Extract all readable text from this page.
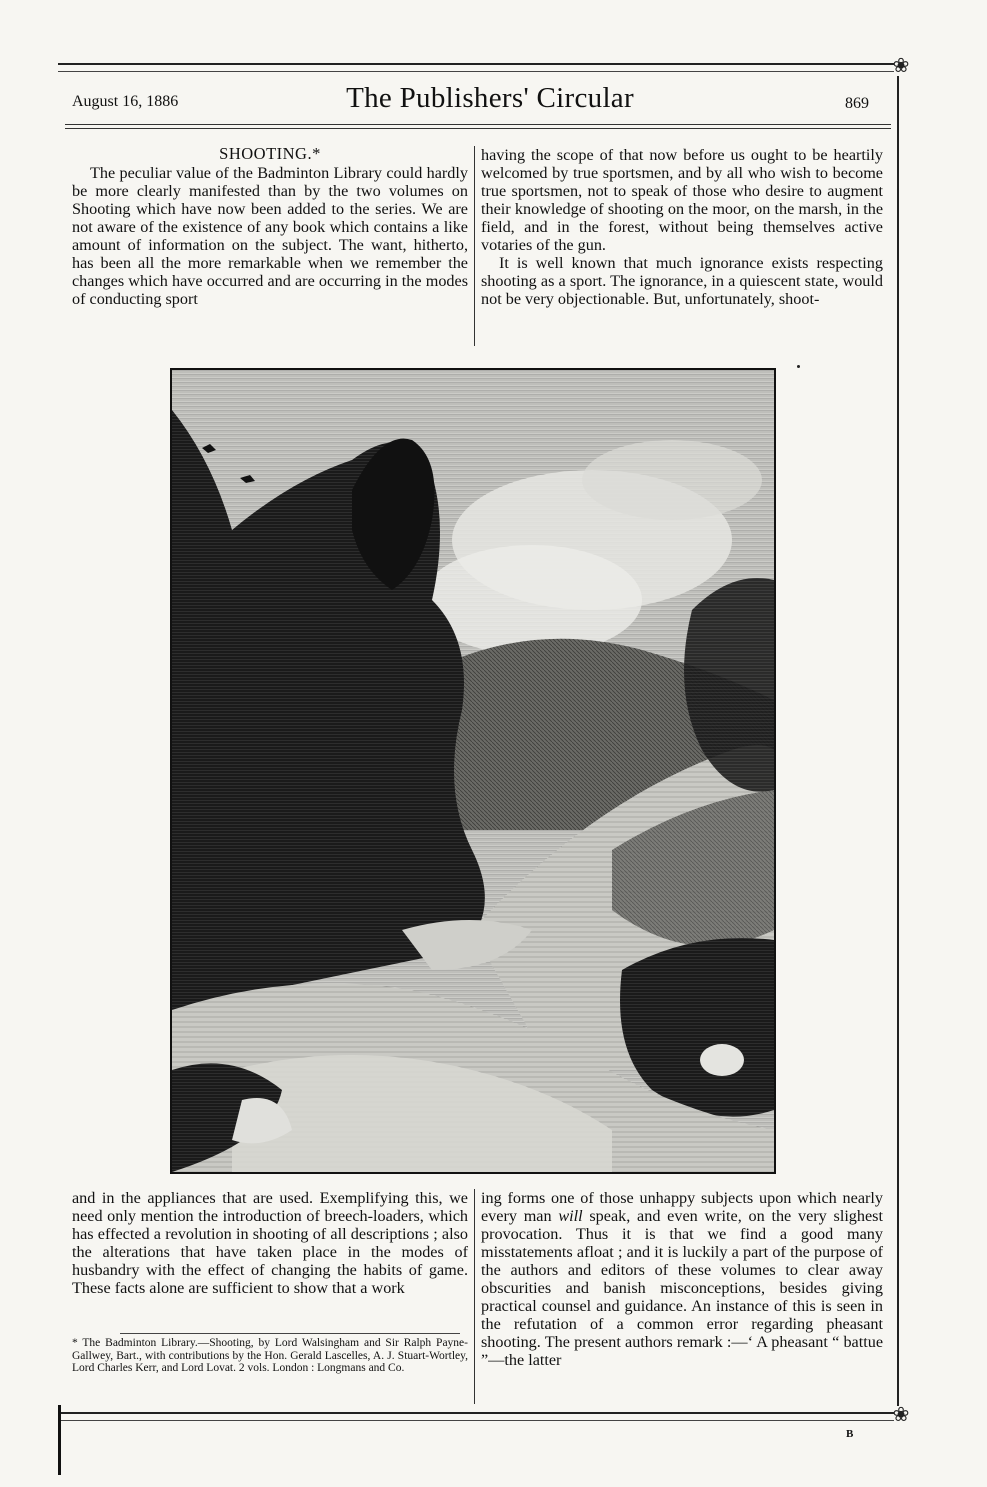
❀
August 16, 1886	The Publishers' Circular	869
SHOOTING.*

The peculiar value of the Badminton Library could hardly be more clearly manifested than by the two volumes on Shooting which have now been added to the series. We are not aware of the existence of any book which contains a like amount of information on the subject. The want, hitherto, has been all the more remarkable when we remember the changes which have occurred and are occurring in the modes of conducting sport

having the scope of that now before us ought to be heartily welcomed by true sportsmen, and by all who wish to become true sportsmen, not to speak of those who desire to augment their knowledge of shooting on the moor, on the marsh, in the field, and in the forest, without being themselves active votaries of the gun.

It is well known that much ignorance exists respecting shooting as a sport. The ignorance, in a quiescent state, would not be very objectionable. But, unfortunately, shoot-

and in the appliances that are used. Exemplifying this, we need only mention the introduction of breech-loaders, which has effected a revolution in shooting of all descriptions ; also the alterations that have taken place in the modes of husbandry with the effect of changing the habits of game. These facts alone are sufficient to show that a work

* The Badminton Library.—Shooting, by Lord Walsingham and Sir Ralph Payne-Gallwey, Bart., with contributions by the Hon. Gerald Lascelles, A. J. Stuart-Wortley, Lord Charles Kerr, and Lord Lovat. 2 vols. London : Longmans and Co.

ing forms one of those unhappy subjects upon which nearly every man will speak, and even write, on the very slighest provocation. Thus it is that we find a good many misstatements afloat ; and it is luckily a part of the purpose of the authors and editors of these volumes to clear away obscurities and banish misconceptions, besides giving practical counsel and guidance. An instance of this is seen in the refutation of a common error regarding pheasant shooting. The present authors remark :—‘ A pheasant “ battue ”—the latter

❀
B
